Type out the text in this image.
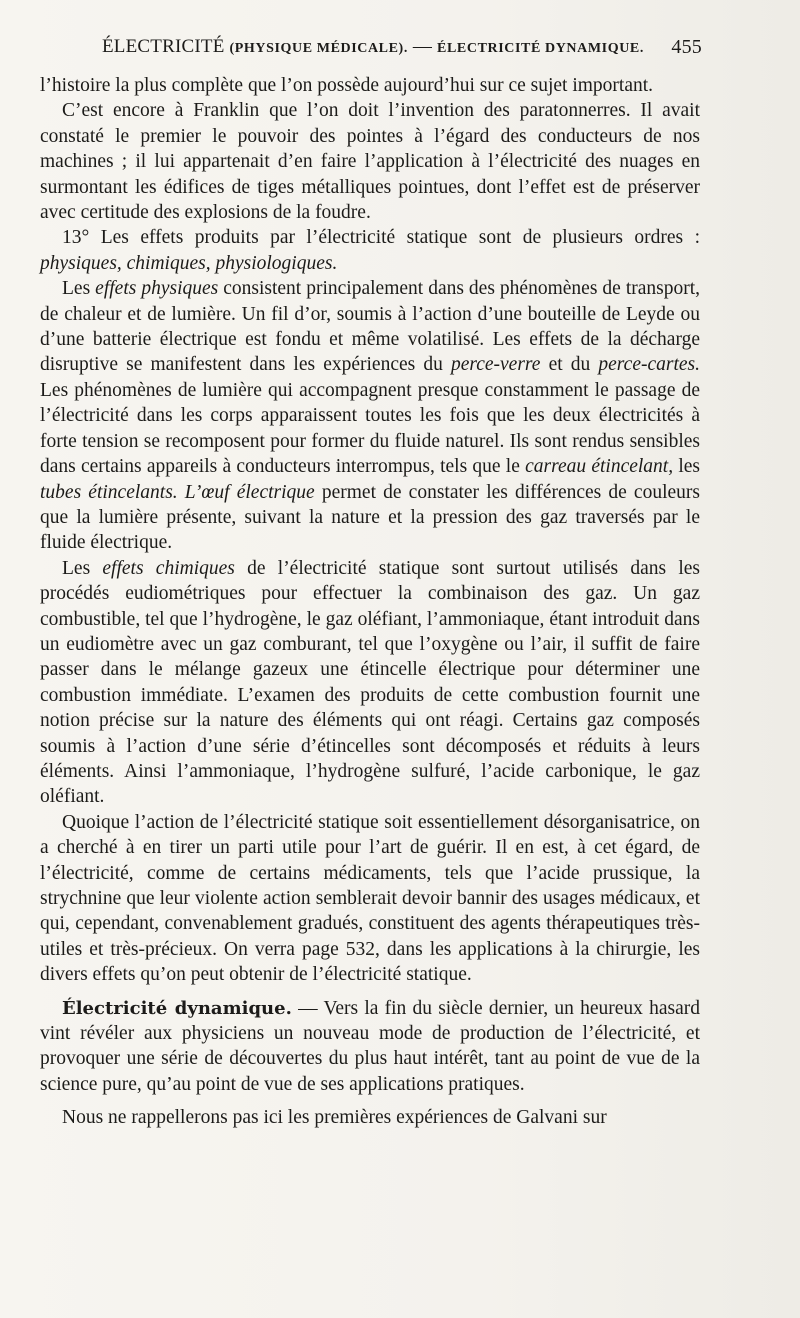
ÉLECTRICITÉ (PHYSIQUE MÉDICALE). — ÉLECTRICITÉ DYNAMIQUE. 455

l’histoire la plus complète que l’on possède aujourd’hui sur ce sujet important.

C’est encore à Franklin que l’on doit l’invention des paratonnerres. Il avait constaté le premier le pouvoir des pointes à l’égard des conducteurs de nos machines ; il lui appartenait d’en faire l’application à l’électricité des nuages en surmontant les édifices de tiges métalliques pointues, dont l’effet est de préserver avec certitude des explosions de la foudre.

13° Les effets produits par l’électricité statique sont de plusieurs ordres : physiques, chimiques, physiologiques.

Les effets physiques consistent principalement dans des phénomènes de transport, de chaleur et de lumière. Un fil d’or, soumis à l’action d’une bouteille de Leyde ou d’une batterie électrique est fondu et même volatilisé. Les effets de la décharge disruptive se manifestent dans les expériences du perce-verre et du perce-cartes. Les phénomènes de lumière qui accompagnent presque constamment le passage de l’électricité dans les corps apparaissent toutes les fois que les deux électricités à forte tension se recomposent pour former du fluide naturel. Ils sont rendus sensibles dans certains appareils à conducteurs interrompus, tels que le carreau étincelant, les tubes étincelants. L’œuf électrique permet de constater les différences de couleurs que la lumière présente, suivant la nature et la pression des gaz traversés par le fluide électrique.

Les effets chimiques de l’électricité statique sont surtout utilisés dans les procédés eudiométriques pour effectuer la combinaison des gaz. Un gaz combustible, tel que l’hydrogène, le gaz oléfiant, l’ammoniaque, étant introduit dans un eudiomètre avec un gaz comburant, tel que l’oxygène ou l’air, il suffit de faire passer dans le mélange gazeux une étincelle électrique pour déterminer une combustion immédiate. L’examen des produits de cette combustion fournit une notion précise sur la nature des éléments qui ont réagi. Certains gaz composés soumis à l’action d’une série d’étincelles sont décomposés et réduits à leurs éléments. Ainsi l’ammoniaque, l’hydrogène sulfuré, l’acide carbonique, le gaz oléfiant.

Quoique l’action de l’électricité statique soit essentiellement désorganisatrice, on a cherché à en tirer un parti utile pour l’art de guérir. Il en est, à cet égard, de l’électricité, comme de certains médicaments, tels que l’acide prussique, la strychnine que leur violente action semblerait devoir bannir des usages médicaux, et qui, cependant, convenablement gradués, constituent des agents thérapeutiques très-utiles et très-précieux. On verra page 532, dans les applications à la chirurgie, les divers effets qu’on peut obtenir de l’électricité statique.

Électricité dynamique. — Vers la fin du siècle dernier, un heureux hasard vint révéler aux physiciens un nouveau mode de production de l’électricité, et provoquer une série de découvertes du plus haut intérêt, tant au point de vue de la science pure, qu’au point de vue de ses applications pratiques.

Nous ne rappellerons pas ici les premières expériences de Galvani sur
